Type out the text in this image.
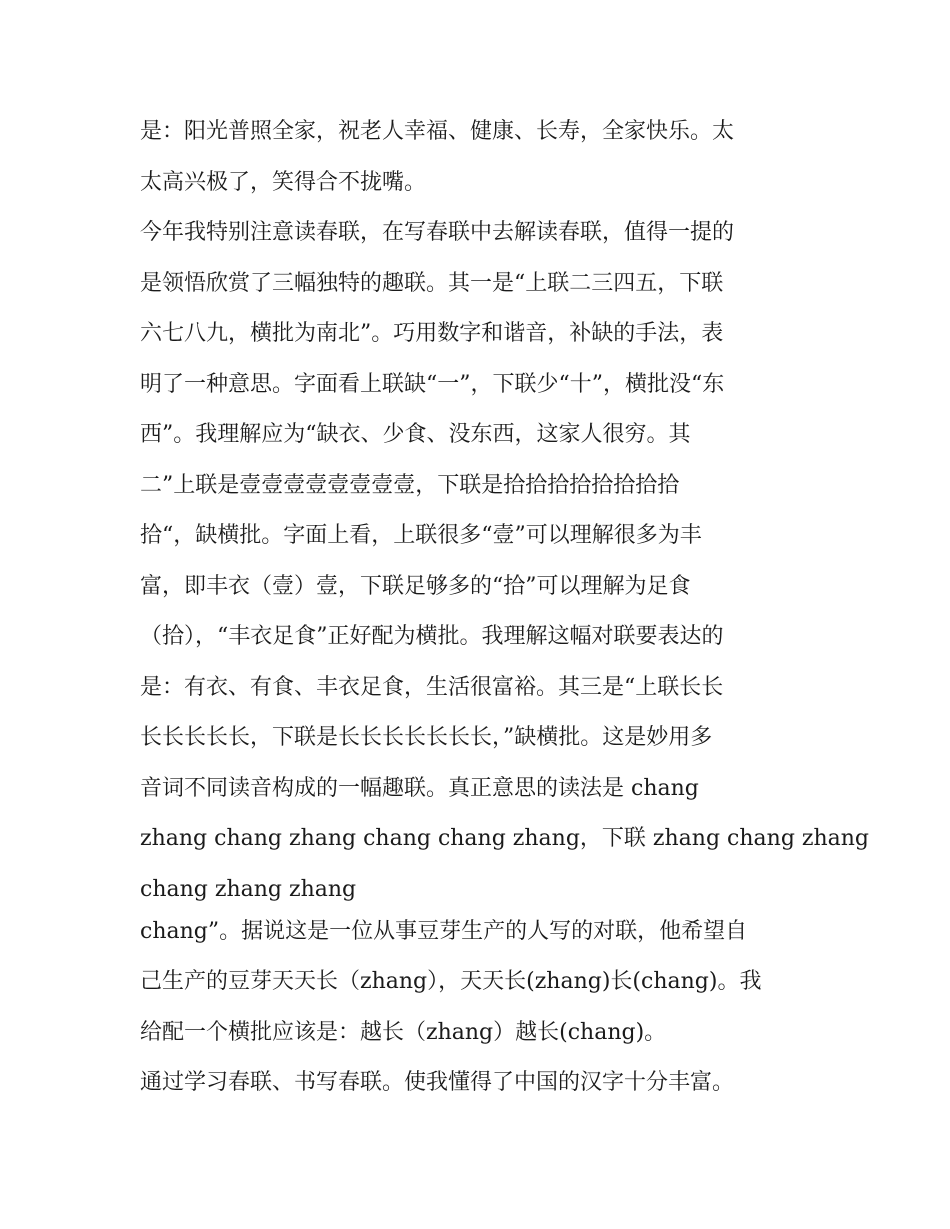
是：阳光普照全家，祝老人幸福、健康、长寿，全家快乐。太
太高兴极了，笑得合不拢嘴。
今年我特别注意读春联，在写春联中去解读春联，值得一提的
是领悟欣赏了三幅独特的趣联。其一是“上联二三四五，下联
六七八九，横批为南北”。巧用数字和谐音，补缺的手法，表
明了一种意思。字面看上联缺“一”，下联少“十”，横批没“东
西”。我理解应为“缺衣、少食、没东西，这家人很穷。其
二”上联是壹壹壹壹壹壹壹壹，下联是拾拾拾拾拾拾拾拾
拾“，缺横批。字面上看，上联很多“壹”可以理解很多为丰
富，即丰衣（壹）壹，下联足够多的“拾”可以理解为足食
（拾），“丰衣足食”正好配为横批。我理解这幅对联要表达的
是：有衣、有食、丰衣足食，生活很富裕。其三是“上联长长
长长长长长，下联是长长长长长长长，”缺横批。这是妙用多
音词不同读音构成的一幅趣联。真正意思的读法是 chang
zhang chang zhang chang chang zhang，下联 zhang chang zhang
chang zhang zhang
chang”。据说这是一位从事豆芽生产的人写的对联，他希望自
己生产的豆芽天天长（zhang），天天长(zhang)长(chang)。我
给配一个横批应该是：越长（zhang）越长(chang)。
通过学习春联、书写春联。使我懂得了中国的汉字十分丰富。
